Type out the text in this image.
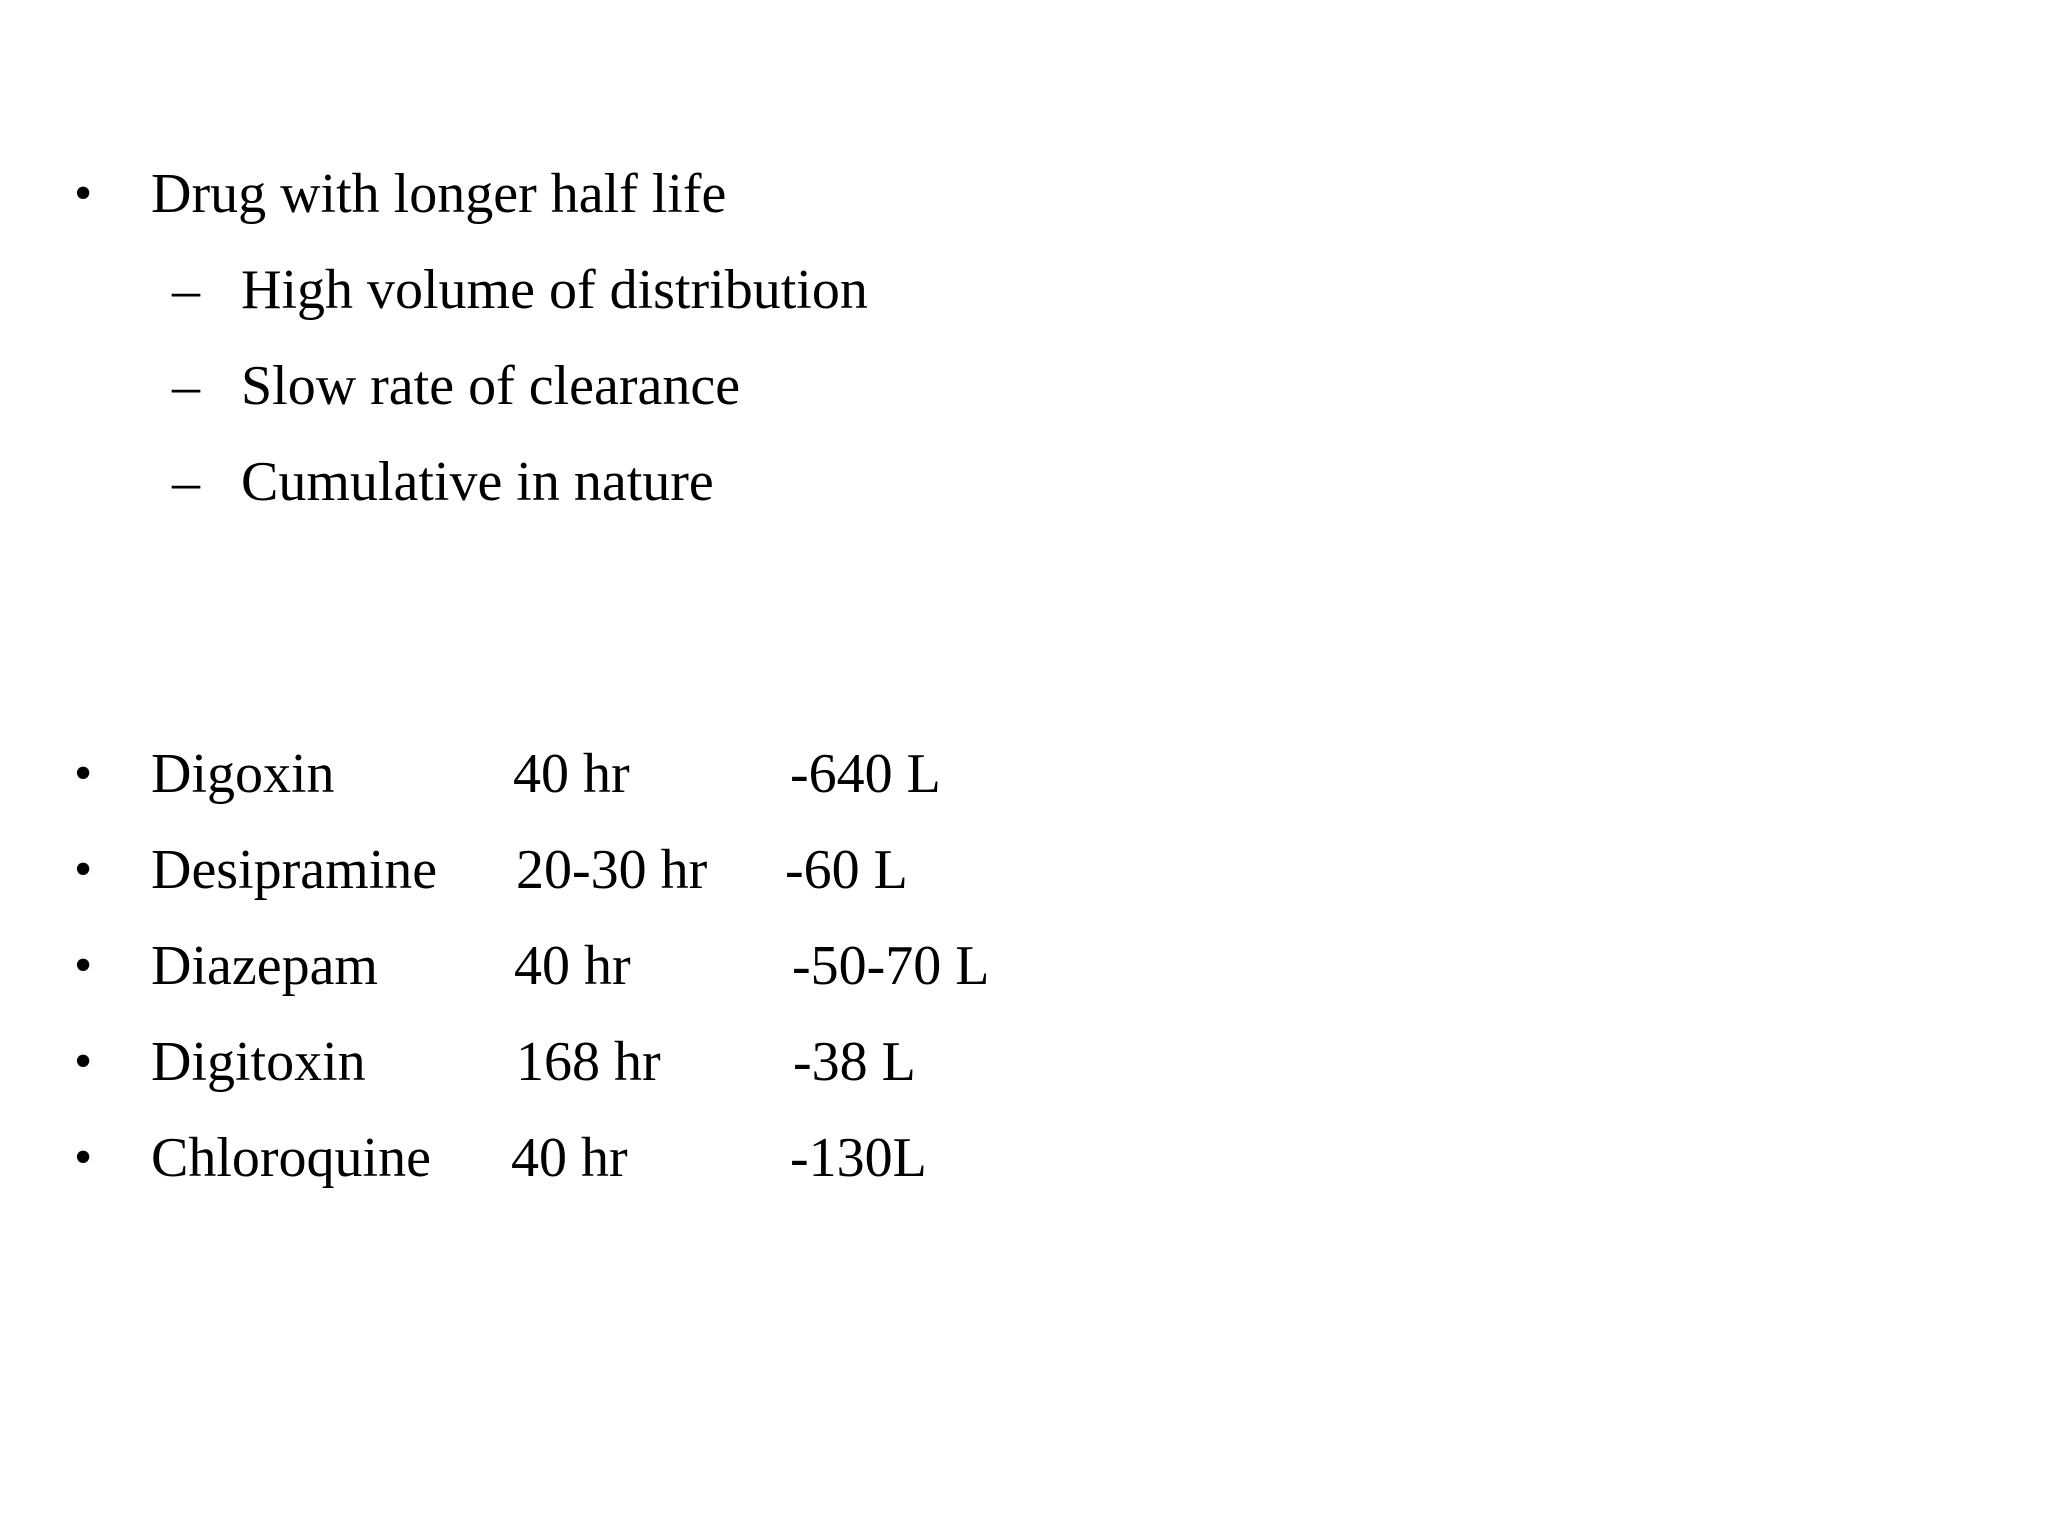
• Drug with longer half life
– High volume of distribution
– Slow rate of clearance
– Cumulative in nature
• Digoxin	40 hr	-640 L
• Desipramine 20-30 hr -60 L
• Diazepam 40 hr	-50-70 L
• Digitoxin	168 hr -38 L
• Chloroquine 40 hr	-130L
